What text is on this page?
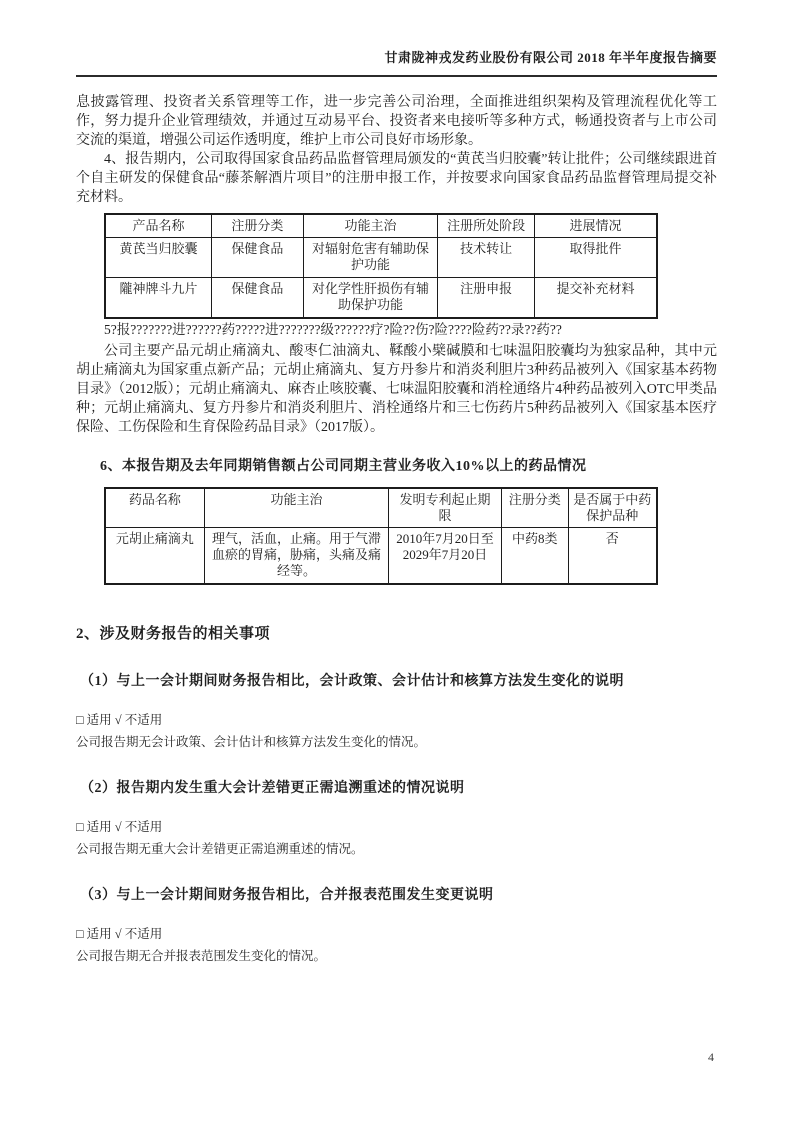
甘肃陇神戎发药业股份有限公司 2018 年半年度报告摘要

息披露管理、投资者关系管理等工作，进一步完善公司治理，全面推进组织架构及管理流程优化等工作，努力提升企业管理绩效，并通过互动易平台、投资者来电接听等多种方式，畅通投资者与上市公司交流的渠道，增强公司运作透明度，维护上市公司良好市场形象。

4、报告期内，公司取得国家食品药品监督管理局颁发的“黄芪当归胶囊”转让批件；公司继续跟进首个自主研发的保健食品“藤茶解酒片项目”的注册申报工作，并按要求向国家食品药品监督管理局提交补充材料。

产品名称	注册分类	功能主治	注册所处阶段	进展情况
黄芪当归胶囊	保健食品	对辐射危害有辅助保护功能	技术转让	取得批件
隴神牌斗九片	保健食品	对化学性肝损伤有辅助保护功能	注册申报	提交补充材料
5?报???????进??????药?????进???????级??????疗?险??伤?险????险药??录??药??

公司主要产品元胡止痛滴丸、酸枣仁油滴丸、鞣酸小檗碱膜和七味温阳胶囊均为独家品种，其中元胡止痛滴丸为国家重点新产品；元胡止痛滴丸、复方丹参片和消炎利胆片3种药品被列入《国家基本药物目录》（2012版）；元胡止痛滴丸、麻杏止咳胶囊、七味温阳胶囊和消栓通络片4种药品被列入OTC甲类品种；元胡止痛滴丸、复方丹参片和消炎利胆片、消栓通络片和三七伤药片5种药品被列入《国家基本医疗保险、工伤保险和生育保险药品目录》（2017版）。

6、本报告期及去年同期销售额占公司同期主营业务收入10%以上的药品情况

药品名称	功能主治	发明专利起止期限	注册分类	是否属于中药保护品种
元胡止痛滴丸	理气，活血，止痛。用于气滞血瘀的胃痛，胁痛，头痛及痛经等。	2010年7月20日至2029年7月20日	中药8类	否

2、涉及财务报告的相关事项

（1）与上一会计期间财务报告相比，会计政策、会计估计和核算方法发生变化的说明

□ 适用 √ 不适用

公司报告期无会计政策、会计估计和核算方法发生变化的情况。

（2）报告期内发生重大会计差错更正需追溯重述的情况说明

□ 适用 √ 不适用

公司报告期无重大会计差错更正需追溯重述的情况。

（3）与上一会计期间财务报告相比，合并报表范围发生变更说明

□ 适用 √ 不适用

公司报告期无合并报表范围发生变化的情况。

4
